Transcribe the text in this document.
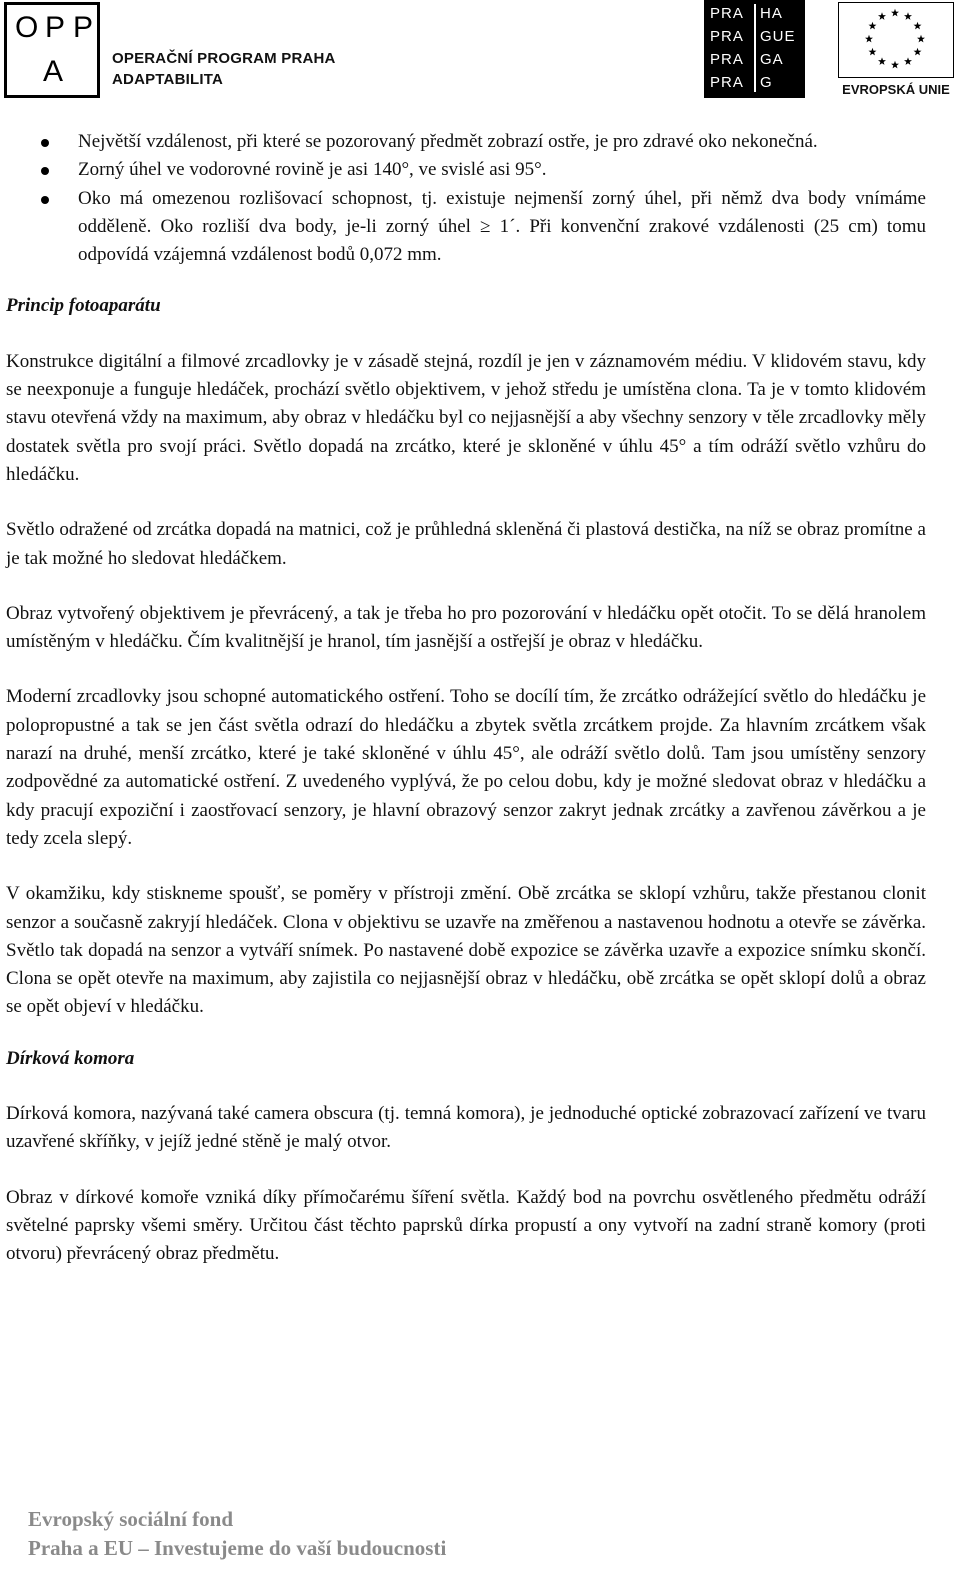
O P P
A	OPERAČNÍ PROGRAM PRAHA
ADAPTABILITA
PRA HA
PRA GUE
PRA GA
PRA G	EVROPSKÁ UNIE
Největší vzdálenost, při které se pozorovaný předmět zobrazí ostře, je pro zdravé oko nekonečná.
Zorný úhel ve vodorovné rovině je asi 140°, ve svislé asi 95°.
Oko má omezenou rozlišovací schopnost, tj. existuje nejmenší zorný úhel, při němž dva body vnímáme odděleně. Oko rozliší dva body, je-li zorný úhel ≥ 1´. Při konvenční zrakové vzdálenosti (25 cm) tomu odpovídá vzájemná vzdálenost bodů 0,072 mm.
Princip fotoaparátu

Konstrukce digitální a filmové zrcadlovky je v zásadě stejná, rozdíl je jen v záznamovém médiu. V klidovém stavu, kdy se neexponuje a funguje hledáček, prochází světlo objektivem, v jehož středu je umístěna clona. Ta je v tomto klidovém stavu otevřená vždy na maximum, aby obraz v hledáčku byl co nejjasnější a aby všechny senzory v těle zrcadlovky měly dostatek světla pro svojí práci. Světlo dopadá na zrcátko, které je skloněné v úhlu 45° a tím odráží světlo vzhůru do hledáčku.

Světlo odražené od zrcátka dopadá na matnici, což je průhledná skleněná či plastová destička, na níž se obraz promítne a je tak možné ho sledovat hledáčkem.

Obraz vytvořený objektivem je převrácený, a tak je třeba ho pro pozorování v hledáčku opět otočit. To se dělá hranolem umístěným v hledáčku. Čím kvalitnější je hranol, tím jasnější a ostřejší je obraz v hledáčku.

Moderní zrcadlovky jsou schopné automatického ostření. Toho se docílí tím, že zrcátko odrážející světlo do hledáčku je polopropustné a tak se jen část světla odrazí do hledáčku a zbytek světla zrcátkem projde. Za hlavním zrcátkem však narazí na druhé, menší zrcátko, které je také skloněné v úhlu 45°, ale odráží světlo dolů. Tam jsou umístěny senzory zodpovědné za automatické ostření. Z uvedeného vyplývá, že po celou dobu, kdy je možné sledovat obraz v hledáčku a kdy pracují expoziční i zaostřovací senzory, je hlavní obrazový senzor zakryt jednak zrcátky a zavřenou závěrkou a je tedy zcela slepý.

V okamžiku, kdy stiskneme spoušť, se poměry v přístroji změní. Obě zrcátka se sklopí vzhůru, takže přestanou clonit senzor a současně zakryjí hledáček. Clona v objektivu se uzavře na změřenou a nastavenou hodnotu a otevře se závěrka. Světlo tak dopadá na senzor a vytváří snímek. Po nastavené době expozice se závěrka uzavře a expozice snímku skončí. Clona se opět otevře na maximum, aby zajistila co nejjasnější obraz v hledáčku, obě zrcátka se opět sklopí dolů a obraz se opět objeví v hledáčku.

Dírková komora

Dírková komora, nazývaná také camera obscura (tj. temná komora), je jednoduché optické zobrazovací zařízení ve tvaru uzavřené skříňky, v jejíž jedné stěně je malý otvor.

Obraz v dírkové komoře vzniká díky přímočarému šíření světla. Každý bod na povrchu osvětleného předmětu odráží světelné paprsky všemi směry. Určitou část těchto paprsků dírka propustí a ony vytvoří na zadní straně komory (proti otvoru) převrácený obraz předmětu.

Evropský sociální fond
Praha a EU – Investujeme do vaší budoucnosti
